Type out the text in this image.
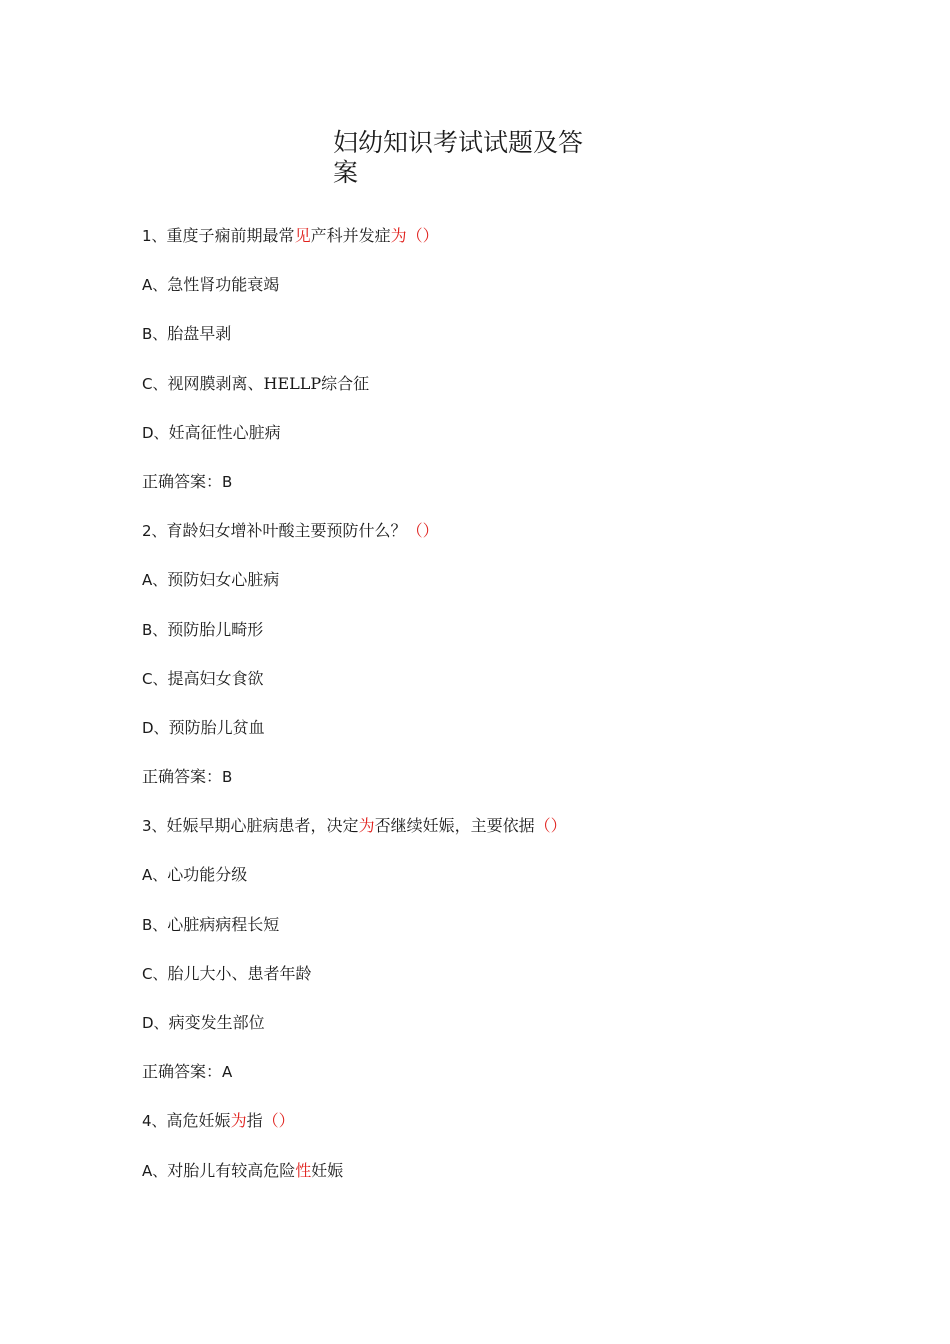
妇幼知识考试试题及答案
1、重度子痫前期最常见产科并发症为（）
A、急性肾功能衰竭
B、胎盘早剥
C、视网膜剥离、HELLP综合征
D、妊高征性心脏病
正确答案：B
2、育龄妇女增补叶酸主要预防什么？（）
A、预防妇女心脏病
B、预防胎儿畸形
C、提高妇女食欲
D、预防胎儿贫血
正确答案：B
3、妊娠早期心脏病患者，决定为否继续妊娠，主要依据（）
A、心功能分级
B、心脏病病程长短
C、胎儿大小、患者年龄
D、病变发生部位
正确答案：A
4、高危妊娠为指（）
A、对胎儿有较高危险性妊娠
